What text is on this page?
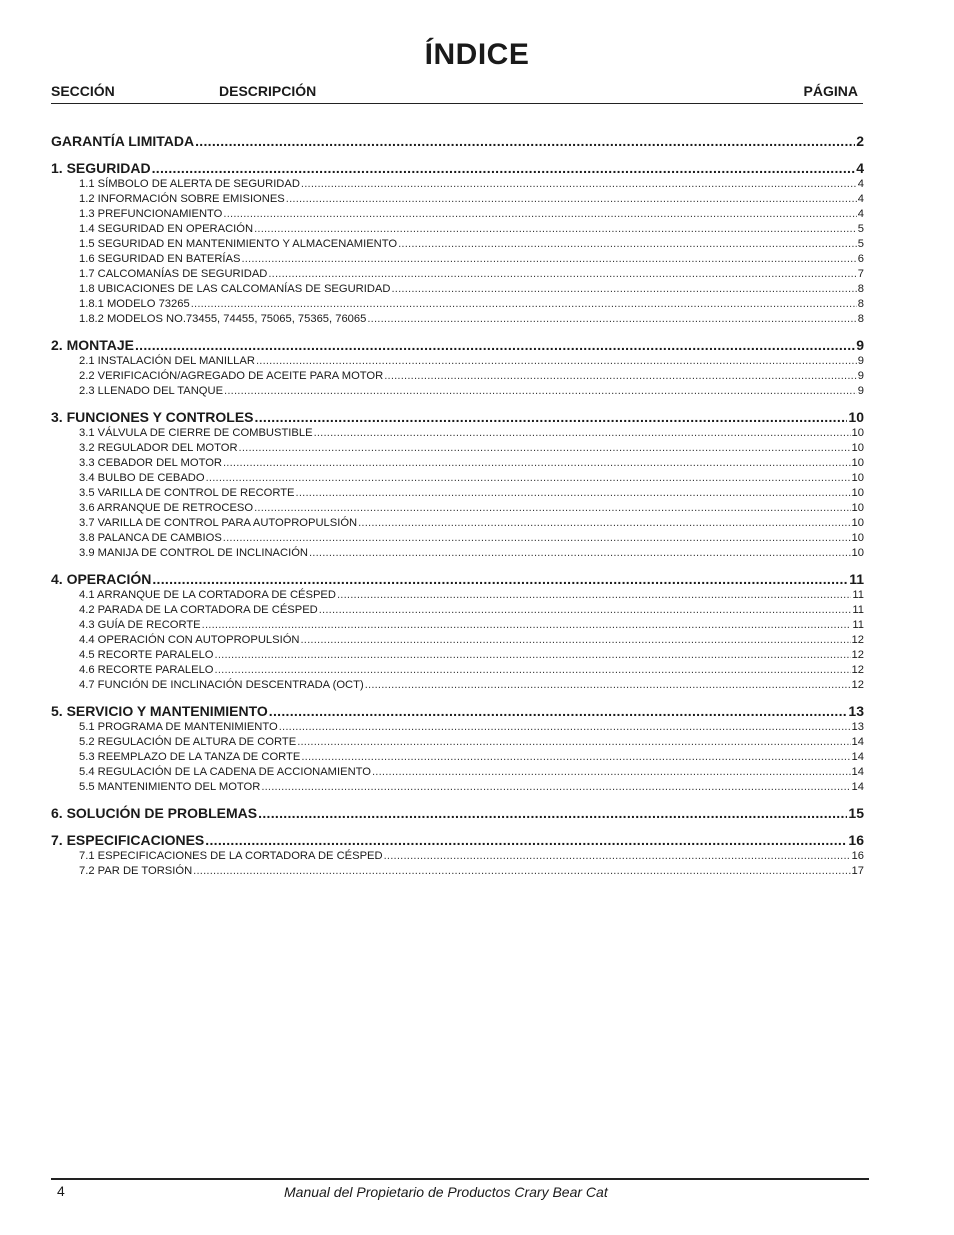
ÍNDICE
SECCIÓN	DESCRIPCIÓN	PÁGINA
GARANTÍA LIMITADA .....	2
1. SEGURIDAD .....	4
1.1 SÍMBOLO DE ALERTA DE SEGURIDAD .....	4
1.2 INFORMACIÓN SOBRE EMISIONES .....	4
1.3 PREFUNCIONAMIENTO .....	4
1.4 SEGURIDAD EN OPERACIÓN .....	5
1.5 SEGURIDAD EN MANTENIMIENTO Y ALMACENAMIENTO .....	5
1.6 SEGURIDAD EN BATERÍAS .....	6
1.7 CALCOMANÍAS DE SEGURIDAD .....	7
1.8 UBICACIONES DE LAS CALCOMANÍAS DE SEGURIDAD .....	8
1.8.1 MODELO 73265 .....	8
1.8.2 MODELOS NO.73455, 74455, 75065, 75365, 76065 .....	8
2. MONTAJE .....	9
2.1 INSTALACIÓN DEL MANILLAR .....	9
2.2 VERIFICACIÓN/AGREGADO DE ACEITE PARA MOTOR .....	9
2.3 LLENADO DEL TANQUE .....	9
3. FUNCIONES Y CONTROLES .....	10
3.1 VÁLVULA DE CIERRE DE COMBUSTIBLE .....	10
3.2 REGULADOR DEL MOTOR .....	10
3.3 CEBADOR DEL MOTOR .....	10
3.4 BULBO DE CEBADO .....	10
3.5 VARILLA DE CONTROL DE RECORTE .....	10
3.6 ARRANQUE DE RETROCESO .....	10
3.7 VARILLA DE CONTROL PARA AUTOPROPULSIÓN .....	10
3.8 PALANCA DE CAMBIOS .....	10
3.9 MANIJA DE CONTROL DE INCLINACIÓN .....	10
4. OPERACIÓN .....	11
4.1 ARRANQUE DE LA CORTADORA DE CÉSPED .....	11
4.2 PARADA DE LA CORTADORA DE CÉSPED .....	11
4.3 GUÍA DE RECORTE .....	11
4.4 OPERACIÓN CON AUTOPROPULSIÓN .....	12
4.5 RECORTE PARALELO .....	12
4.6 RECORTE PARALELO .....	12
4.7 FUNCIÓN DE INCLINACIÓN DESCENTRADA (OCT) .....	12
5. SERVICIO Y MANTENIMIENTO .....	13
5.1 PROGRAMA DE MANTENIMIENTO .....	13
5.2 REGULACIÓN DE ALTURA DE CORTE .....	14
5.3 REEMPLAZO DE LA TANZA DE CORTE .....	14
5.4 REGULACIÓN DE LA CADENA DE ACCIONAMIENTO .....	14
5.5 MANTENIMIENTO DEL MOTOR .....	14
6. SOLUCIÓN DE PROBLEMAS .....	15
7. ESPECIFICACIONES .....	16
7.1 ESPECIFICACIONES DE LA CORTADORA DE CÉSPED .....	16
7.2 PAR DE TORSIÓN .....	17
4	Manual del Propietario de Productos Crary Bear Cat
